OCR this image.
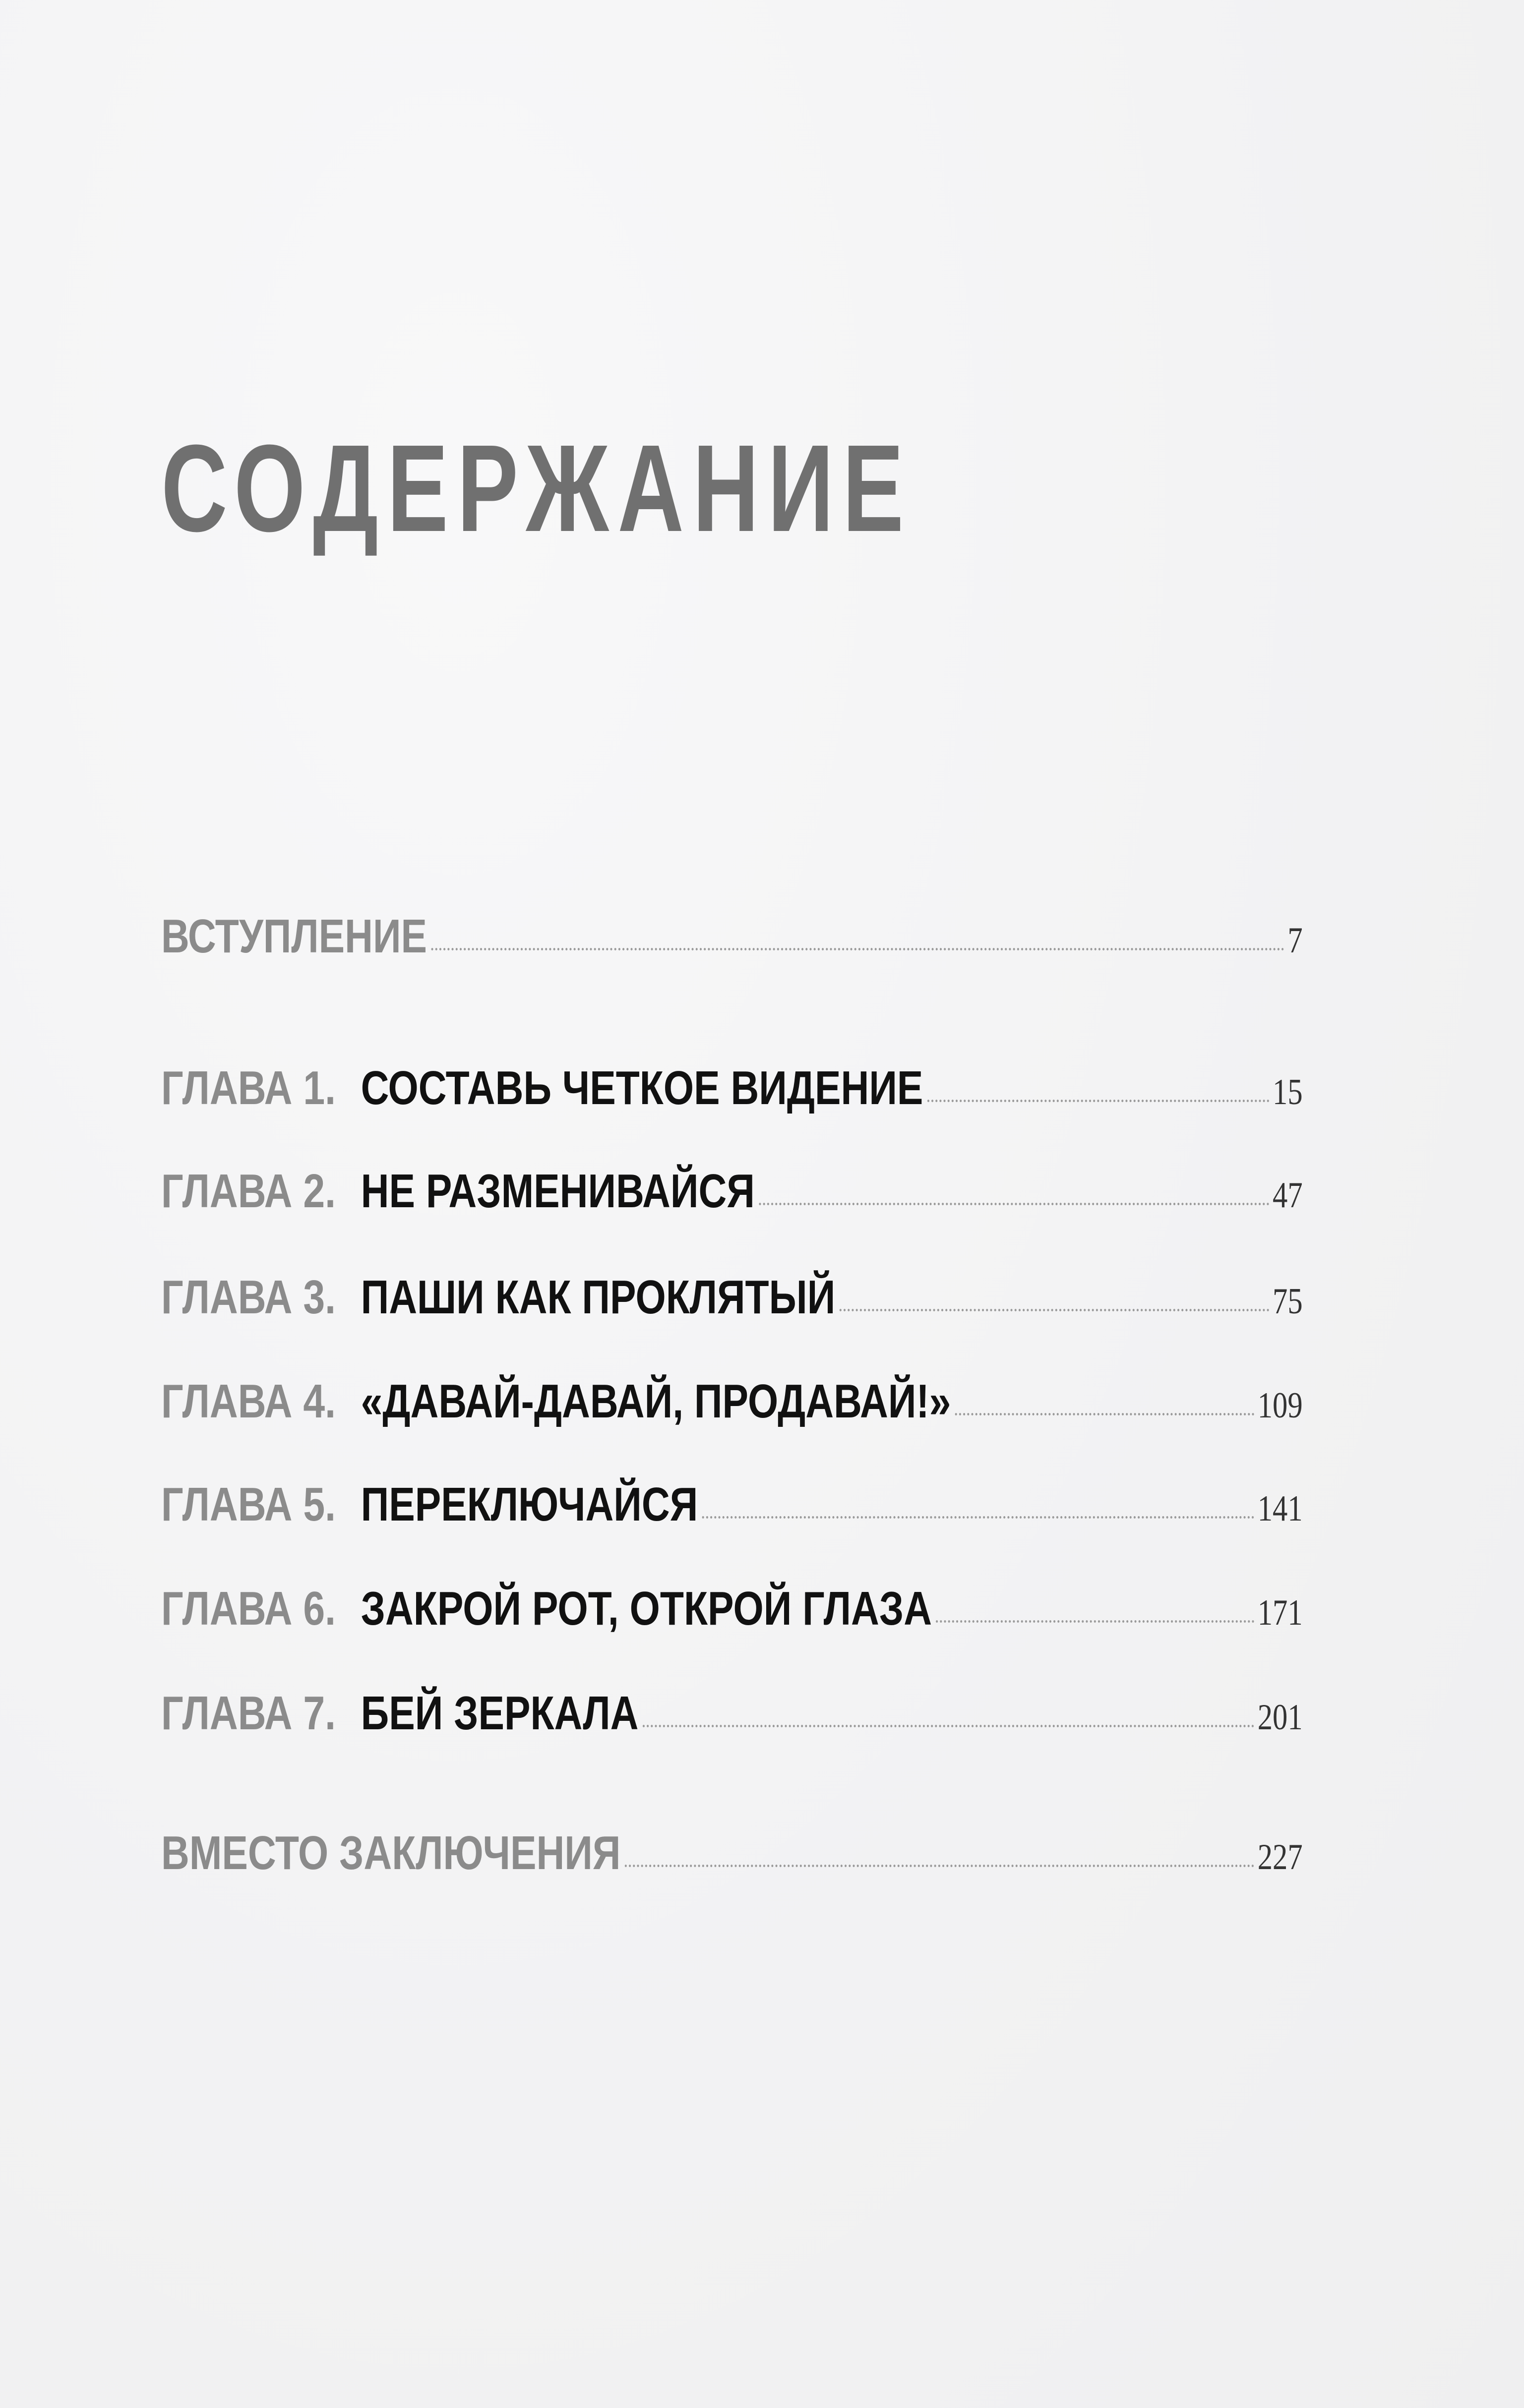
СОДЕРЖАНИЕ
ВСТУПЛЕНИЕ	7
ГЛАВА 1. СОСТАВЬ ЧЕТКОЕ ВИДЕНИЕ	15
ГЛАВА 2. НЕ РАЗМЕНИВАЙСЯ	47
ГЛАВА 3. ПАШИ КАК ПРОКЛЯТЫЙ	75
ГЛАВА 4. «ДАВАЙ-ДАВАЙ, ПРОДАВАЙ!»	109
ГЛАВА 5. ПЕРЕКЛЮЧАЙСЯ	141
ГЛАВА 6. ЗАКРОЙ РОТ, ОТКРОЙ ГЛАЗА	171
ГЛАВА 7. БЕЙ ЗЕРКАЛА	201
ВМЕСТО ЗАКЛЮЧЕНИЯ	227
